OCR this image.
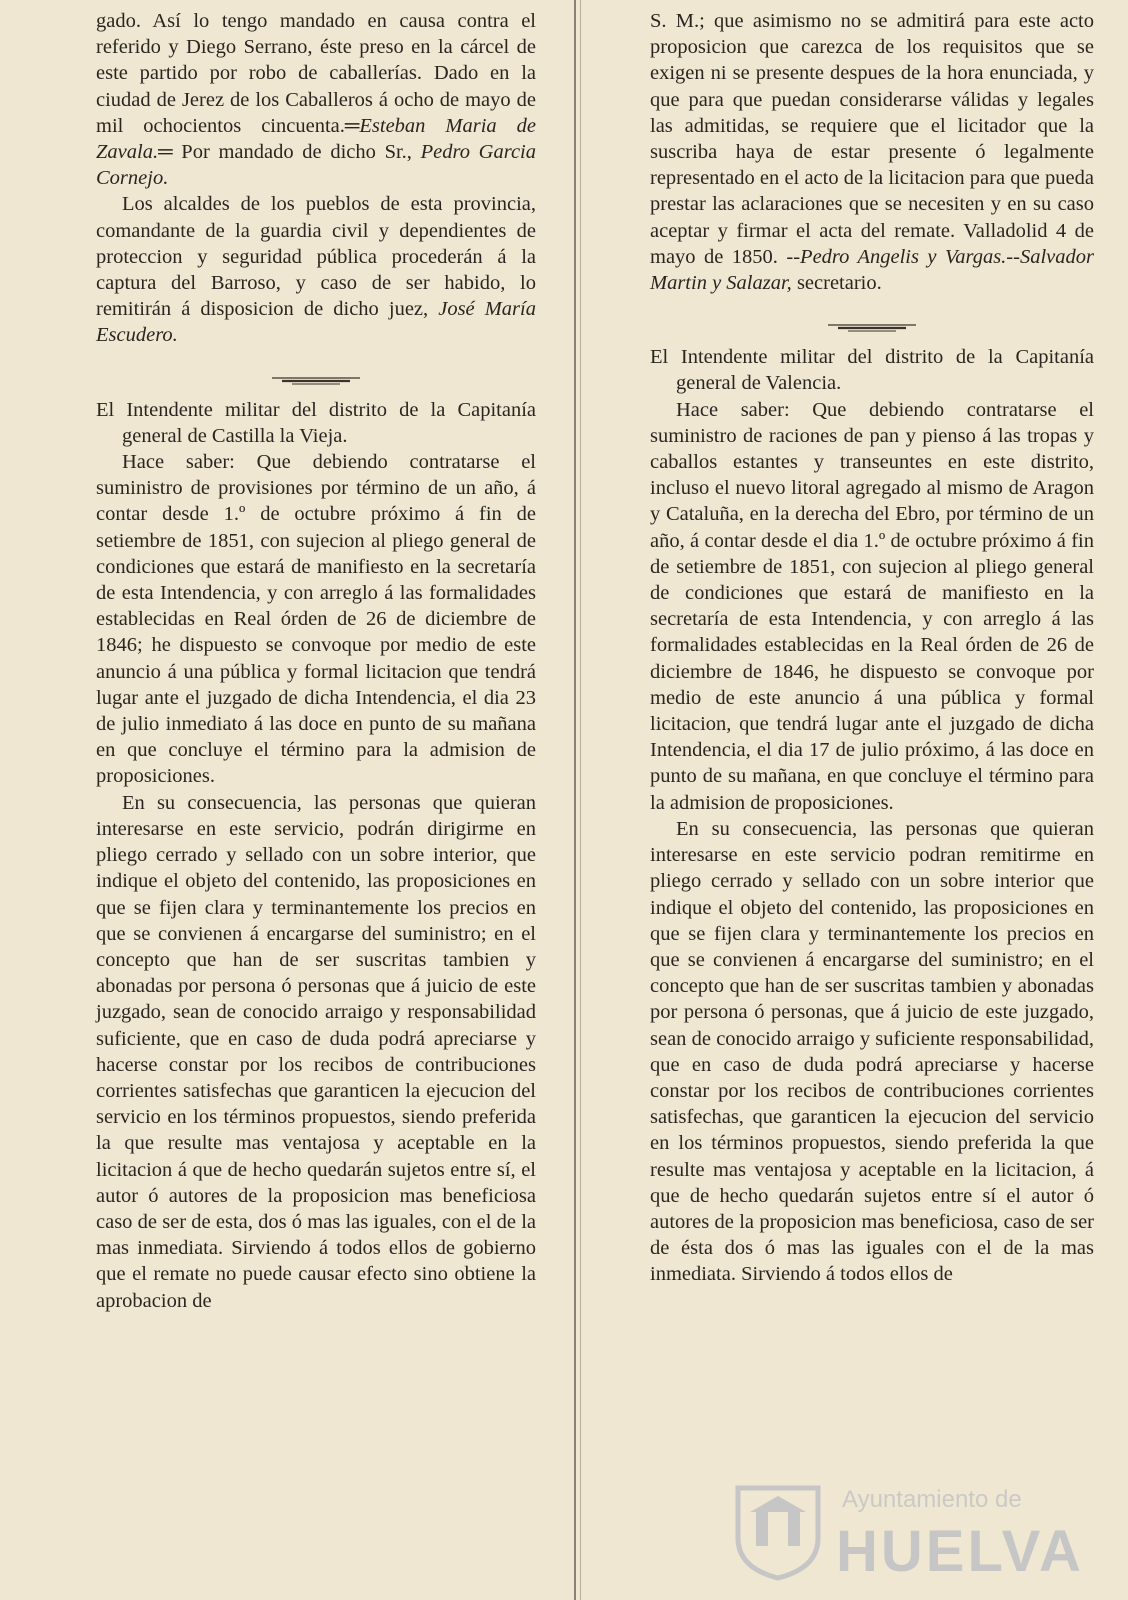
gado. Así lo tengo mandado en causa contra el referido y Diego Serrano, éste preso en la cárcel de este partido por robo de caballerías. Dado en la ciudad de Jerez de los Caballeros á ocho de mayo de mil ochocientos cincuenta.═Esteban Maria de Zavala.═ Por mandado de dicho Sr., Pedro Garcia Cornejo.

Los alcaldes de los pueblos de esta provincia, comandante de la guardia civil y dependientes de proteccion y seguridad pública procederán á la captura del Barroso, y caso de ser habido, lo remitirán á disposicion de dicho juez, José María Escudero.

El Intendente militar del distrito de la Capitanía general de Castilla la Vieja.

Hace saber: Que debiendo contratarse el suministro de provisiones por término de un año, á contar desde 1.º de octubre próximo á fin de setiembre de 1851, con sujecion al pliego general de condiciones que estará de manifiesto en la secretaría de esta Intendencia, y con arreglo á las formalidades establecidas en Real órden de 26 de diciembre de 1846; he dispuesto se convoque por medio de este anuncio á una pública y formal licitacion que tendrá lugar ante el juzgado de dicha Intendencia, el dia 23 de julio inmediato á las doce en punto de su mañana en que concluye el término para la admision de proposiciones.

En su consecuencia, las personas que quieran interesarse en este servicio, podrán dirigirme en pliego cerrado y sellado con un sobre interior, que indique el objeto del contenido, las proposiciones en que se fijen clara y terminantemente los precios en que se convienen á encargarse del suministro; en el concepto que han de ser suscritas tambien y abonadas por persona ó personas que á juicio de este juzgado, sean de conocido arraigo y responsabilidad suficiente, que en caso de duda podrá apreciarse y hacerse constar por los recibos de contribuciones corrientes satisfechas que garanticen la ejecucion del servicio en los términos propuestos, siendo preferida la que resulte mas ventajosa y aceptable en la licitacion á que de hecho quedarán sujetos entre sí, el autor ó autores de la proposicion mas beneficiosa caso de ser de esta, dos ó mas las iguales, con el de la mas inmediata. Sirviendo á todos ellos de gobierno que el remate no puede causar efecto sino obtiene la aprobacion de

S. M.; que asimismo no se admitirá para este acto proposicion que carezca de los requisitos que se exigen ni se presente despues de la hora enunciada, y que para que puedan considerarse válidas y legales las admitidas, se requiere que el licitador que la suscriba haya de estar presente ó legalmente representado en el acto de la licitacion para que pueda prestar las aclaraciones que se necesiten y en su caso aceptar y firmar el acta del remate. Valladolid 4 de mayo de 1850. --Pedro Angelis y Vargas.--Salvador Martin y Salazar, secretario.

El Intendente militar del distrito de la Capitanía general de Valencia.

Hace saber: Que debiendo contratarse el suministro de raciones de pan y pienso á las tropas y caballos estantes y transeuntes en este distrito, incluso el nuevo litoral agregado al mismo de Aragon y Cataluña, en la derecha del Ebro, por término de un año, á contar desde el dia 1.º de octubre próximo á fin de setiembre de 1851, con sujecion al pliego general de condiciones que estará de manifiesto en la secretaría de esta Intendencia, y con arreglo á las formalidades establecidas en la Real órden de 26 de diciembre de 1846, he dispuesto se convoque por medio de este anuncio á una pública y formal licitacion, que tendrá lugar ante el juzgado de dicha Intendencia, el dia 17 de julio próximo, á las doce en punto de su mañana, en que concluye el término para la admision de proposiciones.

En su consecuencia, las personas que quieran interesarse en este servicio podran remitirme en pliego cerrado y sellado con un sobre interior que indique el objeto del contenido, las proposiciones en que se fijen clara y terminantemente los precios en que se convienen á encargarse del suministro; en el concepto que han de ser suscritas tambien y abonadas por persona ó personas, que á juicio de este juzgado, sean de conocido arraigo y suficiente responsabilidad, que en caso de duda podrá apreciarse y hacerse constar por los recibos de contribuciones corrientes satisfechas, que garanticen la ejecucion del servicio en los términos propuestos, siendo preferida la que resulte mas ventajosa y aceptable en la licitacion, á que de hecho quedarán sujetos entre sí el autor ó autores de la proposicion mas beneficiosa, caso de ser de ésta dos ó mas las iguales con el de la mas inmediata. Sirviendo á todos ellos de

Ayuntamiento de
HUELVA
